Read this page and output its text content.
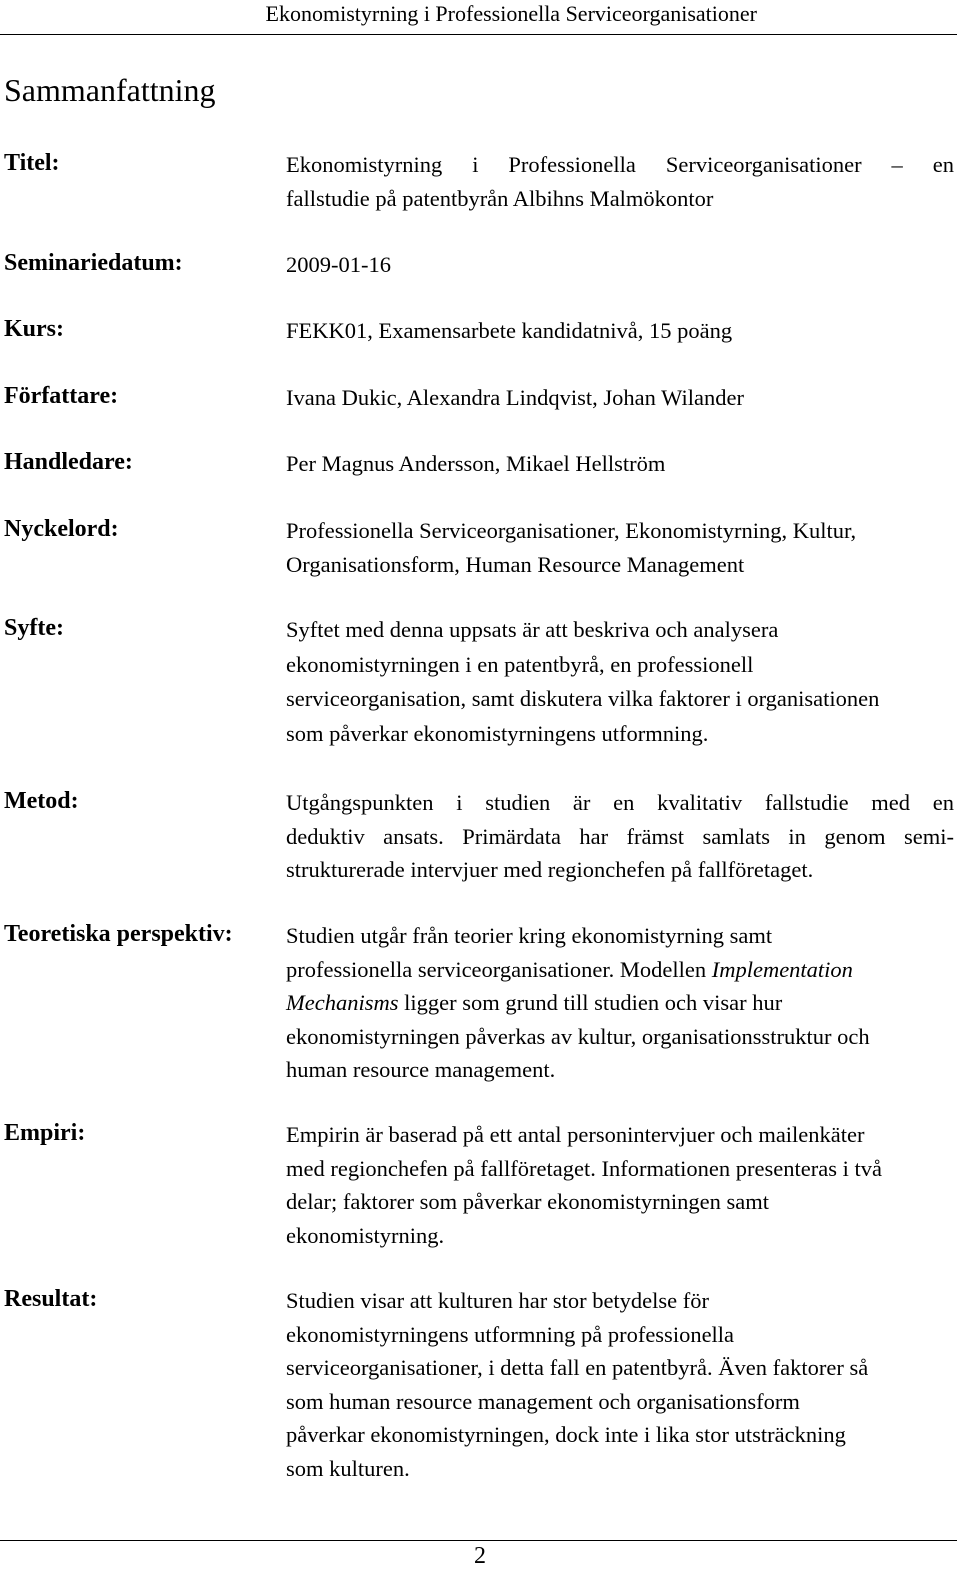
Ekonomistyrning i Professionella Serviceorganisationer
Sammanfattning
Titel:	Ekonomistyrning i Professionella Serviceorganisationer – en
fallstudie på patentbyrån Albihns Malmökontor
Seminariedatum:	2009-01-16
Kurs:	FEKK01, Examensarbete kandidatnivå, 15 poäng
Författare:	Ivana Dukic, Alexandra Lindqvist, Johan Wilander
Handledare:	Per Magnus Andersson, Mikael Hellström
Nyckelord:	Professionella Serviceorganisationer, Ekonomistyrning, Kultur,
Organisationsform, Human Resource Management
Syfte:	Syftet med denna uppsats är att beskriva och analysera
ekonomistyrningen i en patentbyrå, en professionell
serviceorganisation, samt diskutera vilka faktorer i organisationen
som påverkar ekonomistyrningens utformning.
Metod:	Utgångspunkten i studien är en kvalitativ fallstudie med en
deduktiv ansats. Primärdata har främst samlats in genom semi-
strukturerade intervjuer med regionchefen på fallföretaget.
Teoretiska perspektiv: Studien utgår från teorier kring ekonomistyrning samt
professionella serviceorganisationer. Modellen Implementation
Mechanisms ligger som grund till studien och visar hur
ekonomistyrningen påverkas av kultur, organisationsstruktur och
human resource management.
Empiri:	Empirin är baserad på ett antal personintervjuer och mailenkäter
med regionchefen på fallföretaget. Informationen presenteras i två
delar; faktorer som påverkar ekonomistyrningen samt
ekonomistyrning.
Resultat:	Studien visar att kulturen har stor betydelse för
ekonomistyrningens utformning på professionella
serviceorganisationer, i detta fall en patentbyrå. Även faktorer så
som human resource management och organisationsform
påverkar ekonomistyrningen, dock inte i lika stor utsträckning
som kulturen.
2
